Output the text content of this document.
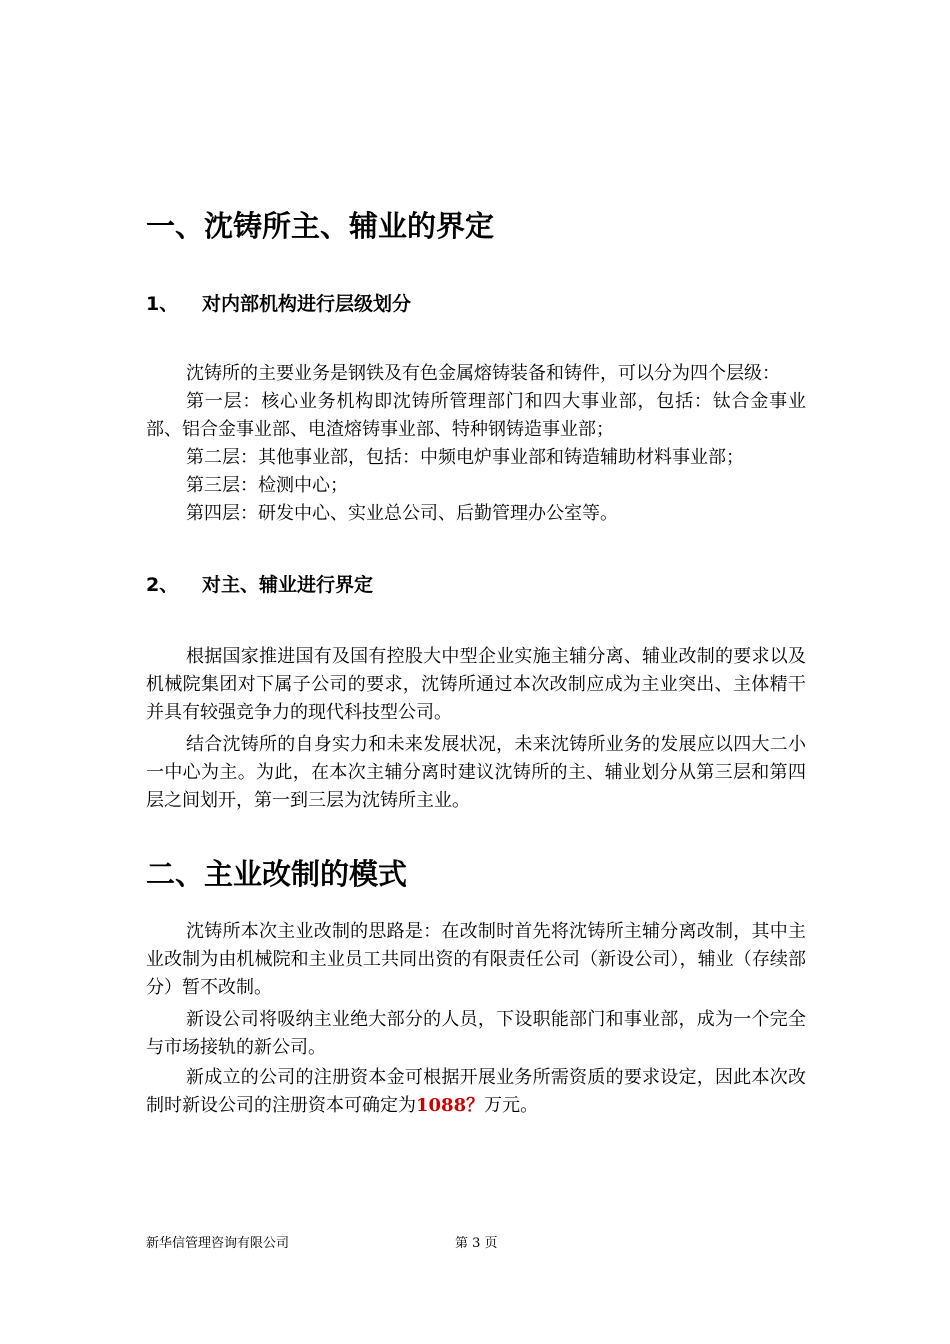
一、沈铸所主、辅业的界定
1、 对内部机构进行层级划分

沈铸所的主要业务是钢铁及有色金属熔铸装备和铸件，可以分为四个层级：

第一层：核心业务机构即沈铸所管理部门和四大事业部，包括：钛合金事业部、铝合金事业部、电渣熔铸事业部、特种钢铸造事业部；

第二层：其他事业部，包括：中频电炉事业部和铸造辅助材料事业部；

第三层：检测中心；

第四层：研发中心、实业总公司、后勤管理办公室等。

2、 对主、辅业进行界定

根据国家推进国有及国有控股大中型企业实施主辅分离、辅业改制的要求以及机械院集团对下属子公司的要求，沈铸所通过本次改制应成为主业突出、主体精干并具有较强竞争力的现代科技型公司。

结合沈铸所的自身实力和未来发展状况，未来沈铸所业务的发展应以四大二小一中心为主。为此，在本次主辅分离时建议沈铸所的主、辅业划分从第三层和第四层之间划开，第一到三层为沈铸所主业。

二、主业改制的模式

沈铸所本次主业改制的思路是：在改制时首先将沈铸所主辅分离改制，其中主业改制为由机械院和主业员工共同出资的有限责任公司（新设公司），辅业（存续部分）暂不改制。

新设公司将吸纳主业绝大部分的人员，下设职能部门和事业部，成为一个完全与市场接轨的新公司。

新成立的公司的注册资本金可根据开展业务所需资质的要求设定，因此本次改制时新设公司的注册资本可确定为1088？万元。

新华信管理咨询有限公司	第 3 页
